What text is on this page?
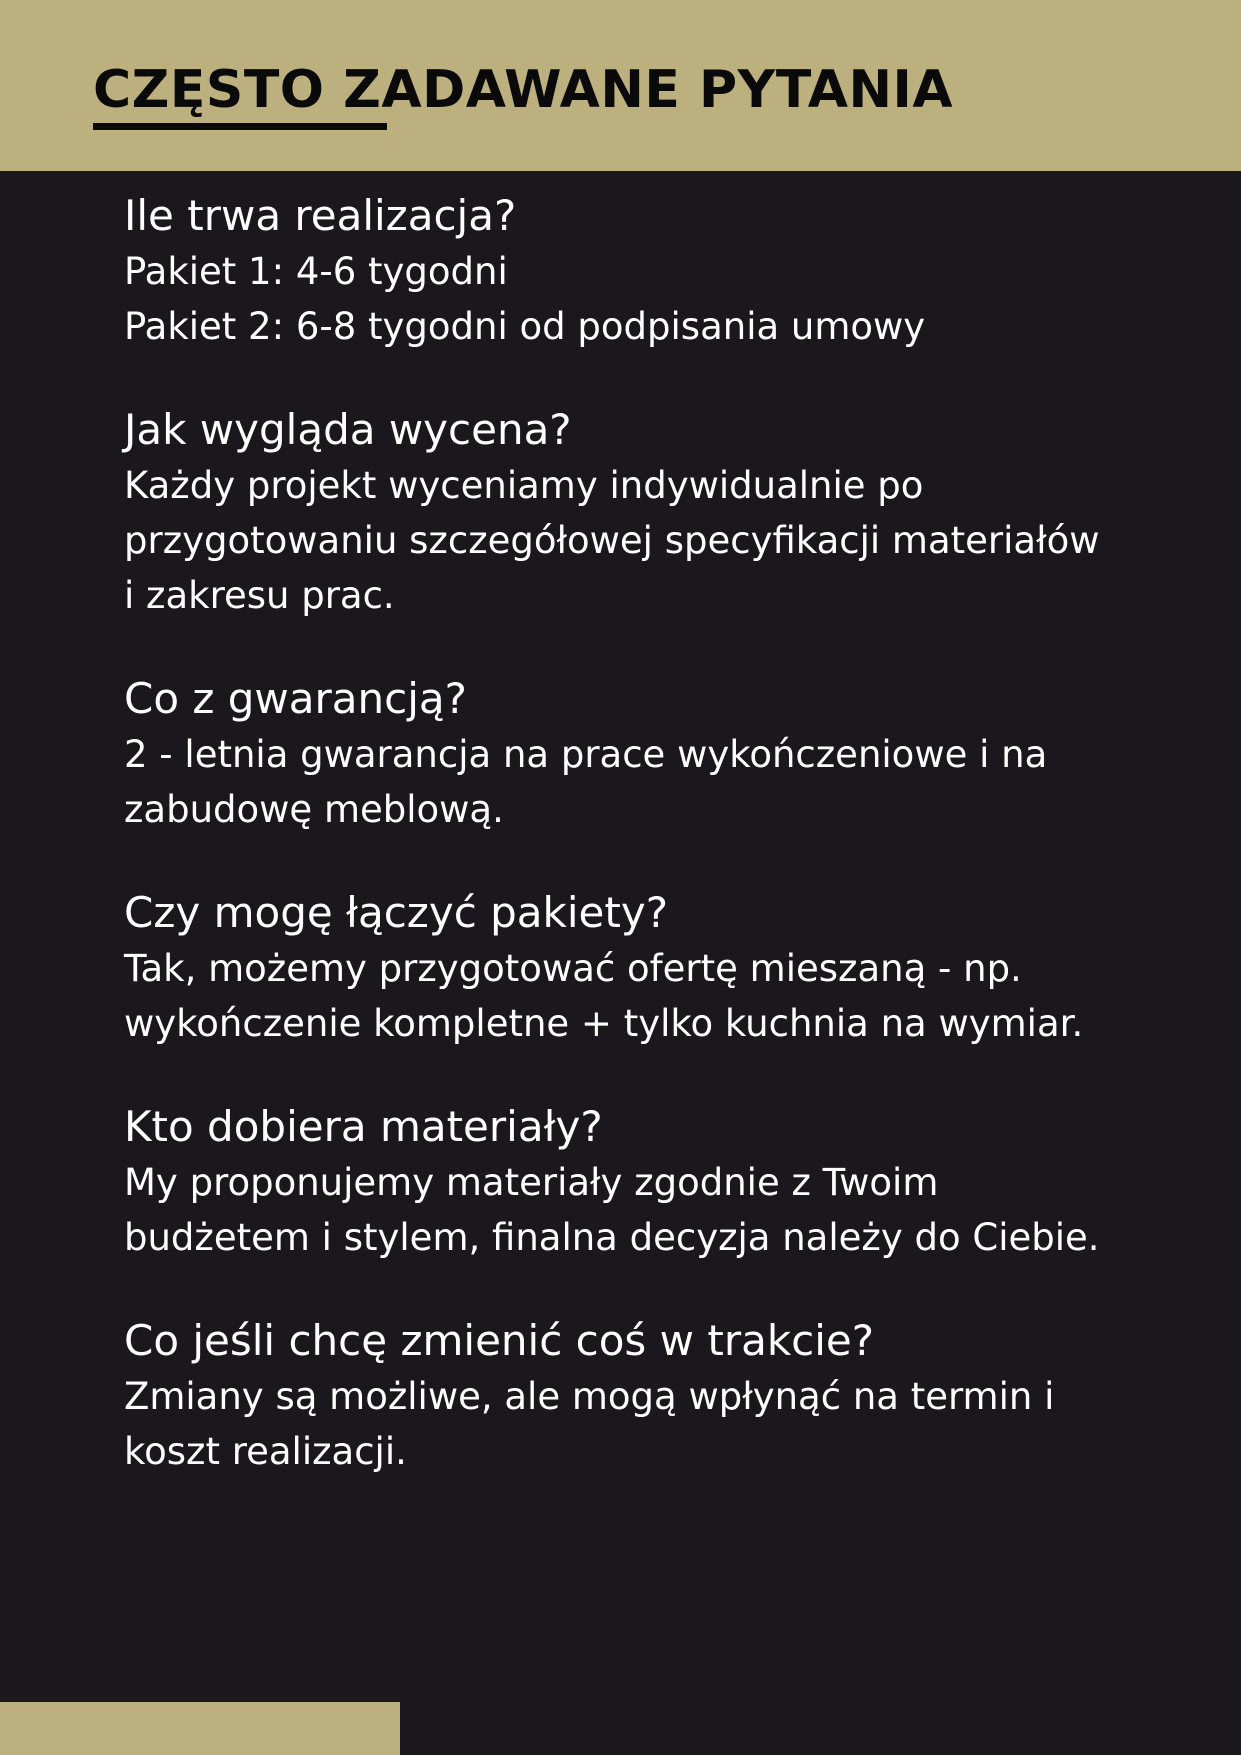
CZĘSTO ZADAWANE PYTANIA
Ile trwa realizacja?

Pakiet 1: 4-6 tygodni
Pakiet 2: 6-8 tygodni od podpisania umowy

Jak wygląda wycena?

Każdy projekt wyceniamy indywidualnie po
przygotowaniu szczegółowej specyfikacji materiałów
i zakresu prac.

Co z gwarancją?

2 - letnia gwarancja na prace wykończeniowe i na
zabudowę meblową.

Czy mogę łączyć pakiety?

Tak, możemy przygotować ofertę mieszaną - np.
wykończenie kompletne + tylko kuchnia na wymiar.

Kto dobiera materiały?

My proponujemy materiały zgodnie z Twoim
budżetem i stylem, finalna decyzja należy do Ciebie.

Co jeśli chcę zmienić coś w trakcie?

Zmiany są możliwe, ale mogą wpłynąć na termin i
koszt realizacji.
